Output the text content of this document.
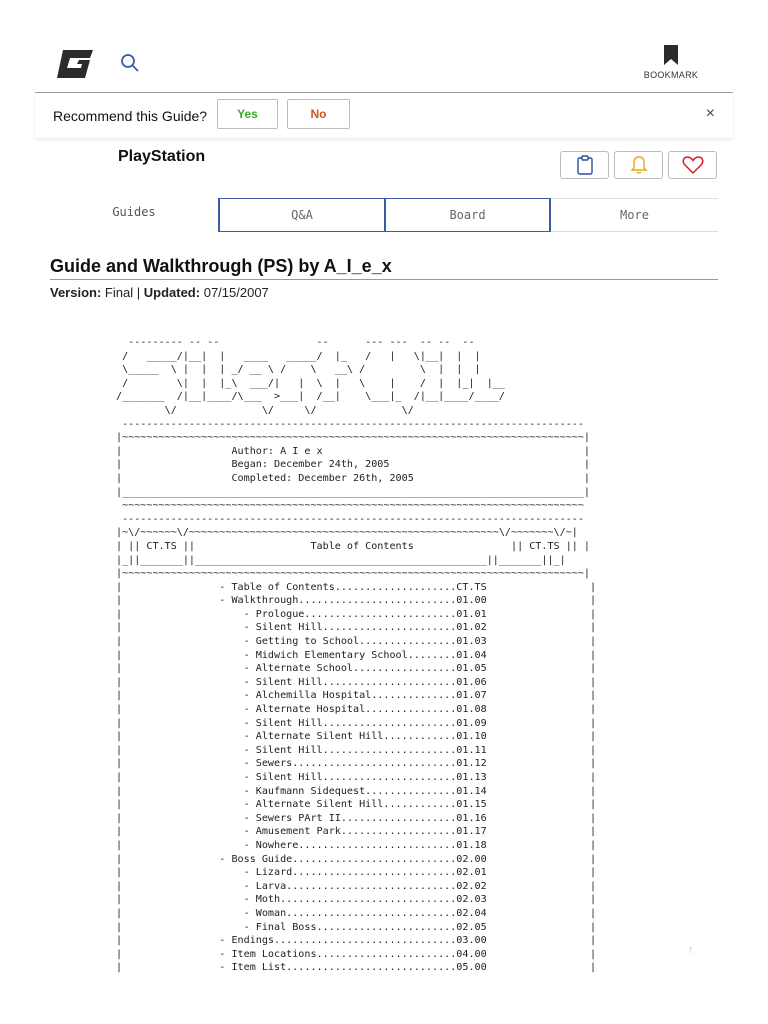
BOOKMARK
Recommend this Guide?	Yes	No	×
PlayStation
Guides	Q&A	Board	More
Guide and Walkthrough (PS) by A_I_e_x
Version: Final | Updated: 07/15/2007
--------- -- --                --      --- ---  -- --  --
/   _____/|__|  |   ____   _____/  |_   /   |   \|__|  |  |
\_____  \ |  |  | _/ __ \ /    \   __\ /         \  |  |  |
/        \|  |  |_\  ___/|   |  \  |   \    |    /  |  |_|  |__
/_______  /|__|____/\___  >___|  /__|    \___|_  /|__|____/____/
\/              \/     \/              \/
----------------------------------------------------------------------------
|~~~~~~~~~~~~~~~~~~~~~~~~~~~~~~~~~~~~~~~~~~~~~~~~~~~~~~~~~~~~~~~~~~~~~~~~~~~~|
|                  Author: A I e x                                           |
|                  Began: December 24th, 2005                                |
|                  Completed: December 26th, 2005                            |
|____________________________________________________________________________|
~~~~~~~~~~~~~~~~~~~~~~~~~~~~~~~~~~~~~~~~~~~~~~~~~~~~~~~~~~~~~~~~~~~~~~~~~~~~
----------------------------------------------------------------------------
|~\/~~~~~~\/~~~~~~~~~~~~~~~~~~~~~~~~~~~~~~~~~~~~~~~~~~~~~~~~~~~\/~~~~~~~\/~|
| || CT.TS ||                   Table of Contents                || CT.TS || |
|_||_______||________________________________________________||_______||_|
|~~~~~~~~~~~~~~~~~~~~~~~~~~~~~~~~~~~~~~~~~~~~~~~~~~~~~~~~~~~~~~~~~~~~~~~~~~~~|
|                - Table of Contents....................CT.TS                 |
|                - Walkthrough..........................01.00                 |
|                    - Prologue.........................01.01                 |
|                    - Silent Hill......................01.02                 |
|                    - Getting to School................01.03                 |
|                    - Midwich Elementary School........01.04                 |
|                    - Alternate School.................01.05                 |
|                    - Silent Hill......................01.06                 |
|                    - Alchemilla Hospital..............01.07                 |
|                    - Alternate Hospital...............01.08                 |
|                    - Silent Hill......................01.09                 |
|                    - Alternate Silent Hill............01.10                 |
|                    - Silent Hill......................01.11                 |
|                    - Sewers...........................01.12                 |
|                    - Silent Hill......................01.13                 |
|                    - Kaufmann Sidequest...............01.14                 |
|                    - Alternate Silent Hill............01.15                 |
|                    - Sewers PArt II...................01.16                 |
|                    - Amusement Park...................01.17                 |
|                    - Nowhere..........................01.18                 |
|                - Boss Guide...........................02.00                 |
|                    - Lizard...........................02.01                 |
|                    - Larva............................02.02                 |
|                    - Moth.............................02.03                 |
|                    - Woman............................02.04                 |
|                    - Final Boss.......................02.05                 |
|                - Endings..............................03.00                 |
|                - Item Locations.......................04.00                 |
|                - Item List............................05.00                 |
↑
